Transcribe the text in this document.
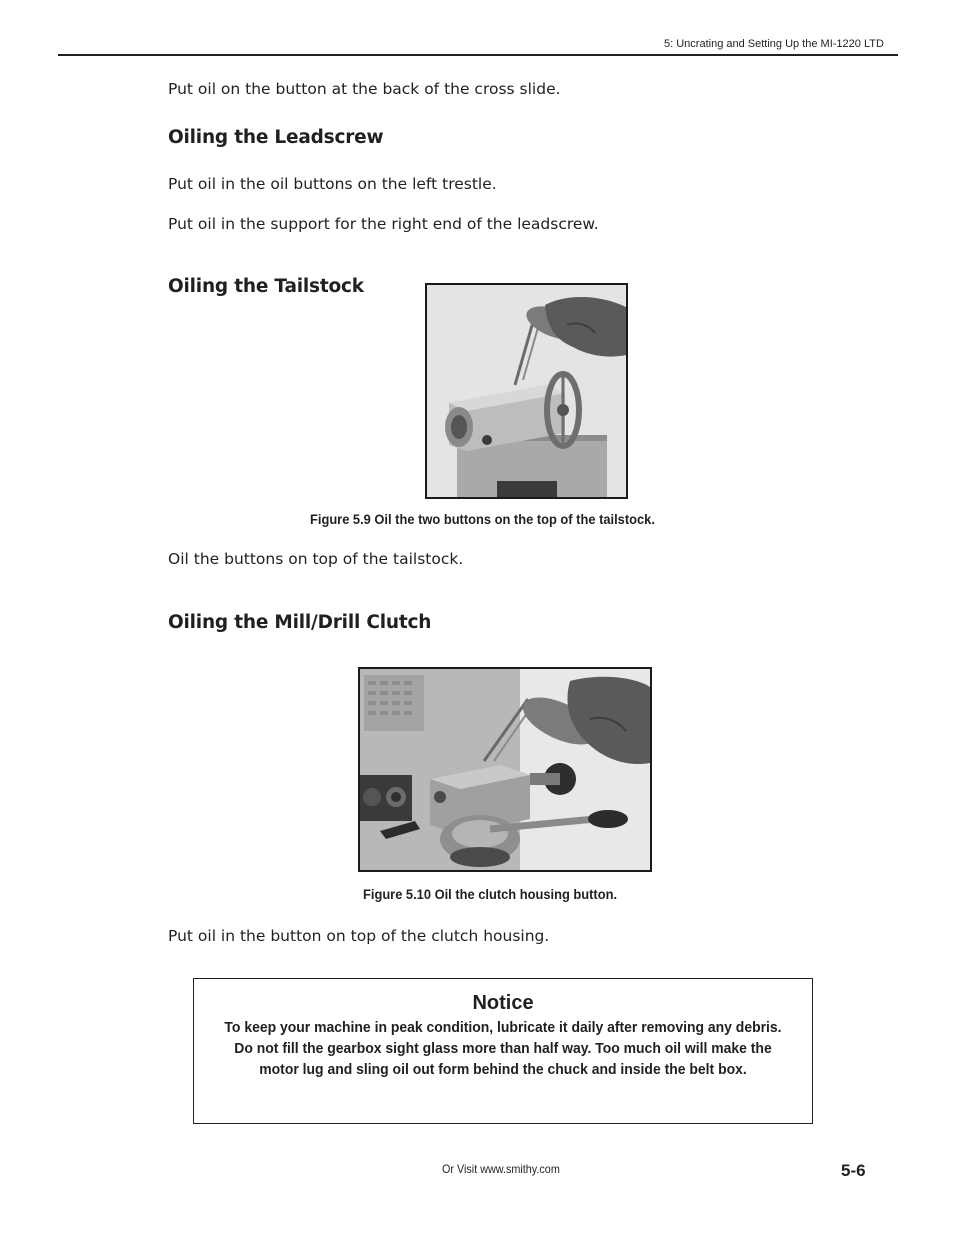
5: Uncrating and Setting Up the MI-1220 LTD
Put oil on the button at the back of the cross slide.
Oiling the Leadscrew
Put oil in the oil buttons on the left trestle.
Put oil in the support for the right end of the leadscrew.
Oiling the Tailstock
Figure 5.9 Oil the two buttons on the top of the tailstock.
Oil the buttons on top of the tailstock.
Oiling the Mill/Drill Clutch
Figure 5.10 Oil the clutch housing button.
Put oil in the button on top of the clutch housing.
Notice
To keep your machine in peak condition, lubricate it daily after removing any debris.
Do not fill the gearbox sight glass more than half way. Too much oil will make the
motor lug and sling oil out form behind the chuck and inside the belt box.
Or Visit www.smithy.com	5-6
